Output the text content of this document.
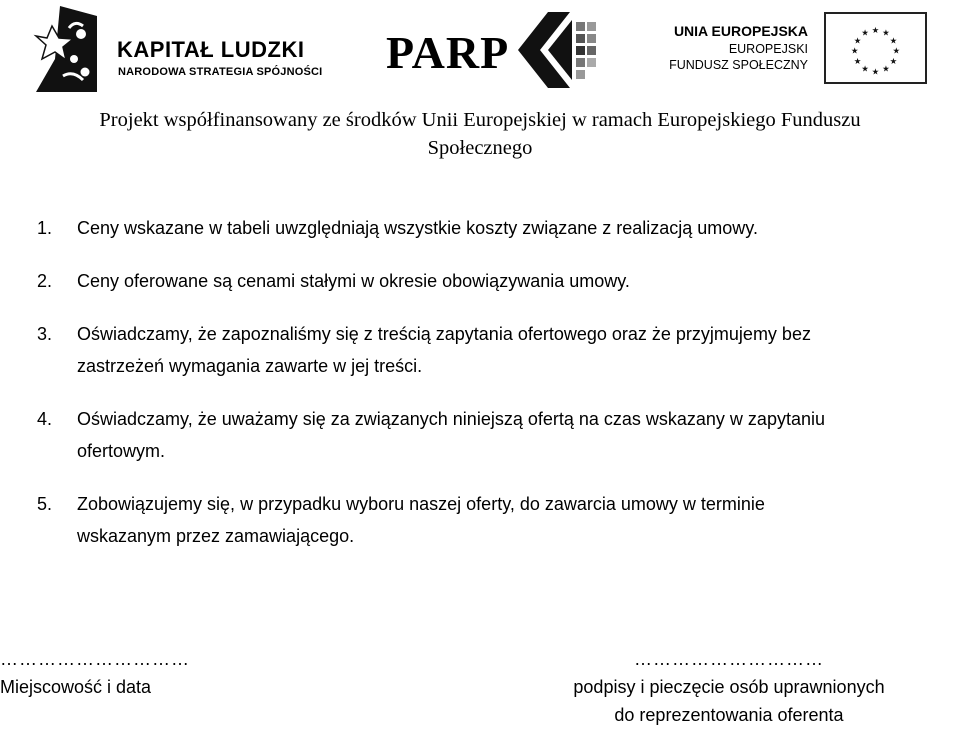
KAPITAŁ LUDZKI
NARODOWA STRATEGIA SPÓJNOŚCI PARP	UNIA EUROPEJSKA
EUROPEJSKI
FUNDUSZ SPOŁECZNY
★ ★
★
★
★
★
★
★
★
★
★
★

Projekt współfinansowany ze środków Unii Europejskiej w ramach Europejskiego Funduszu

Społecznego

1. Ceny wskazane w tabeli uwzględniają wszystkie koszty związane z realizacją umowy.
2. Ceny oferowane są cenami stałymi w okresie obowiązywania umowy.
3. Oświadczamy, że zapoznaliśmy się z treścią zapytania ofertowego oraz że przyjmujemy bez
zastrzeżeń wymagania zawarte w jej treści.
4. Oświadczamy, że uważamy się za związanych niniejszą ofertą na czas wskazany w zapytaniu
ofertowym.
5. Zobowiązujemy się, w przypadku wyboru naszej oferty, do zawarcia umowy w terminie
wskazanym przez zamawiającego.
…………………………
Miejscowość i data
…………………………
podpisy i pieczęcie osób uprawnionych
do reprezentowania oferenta
